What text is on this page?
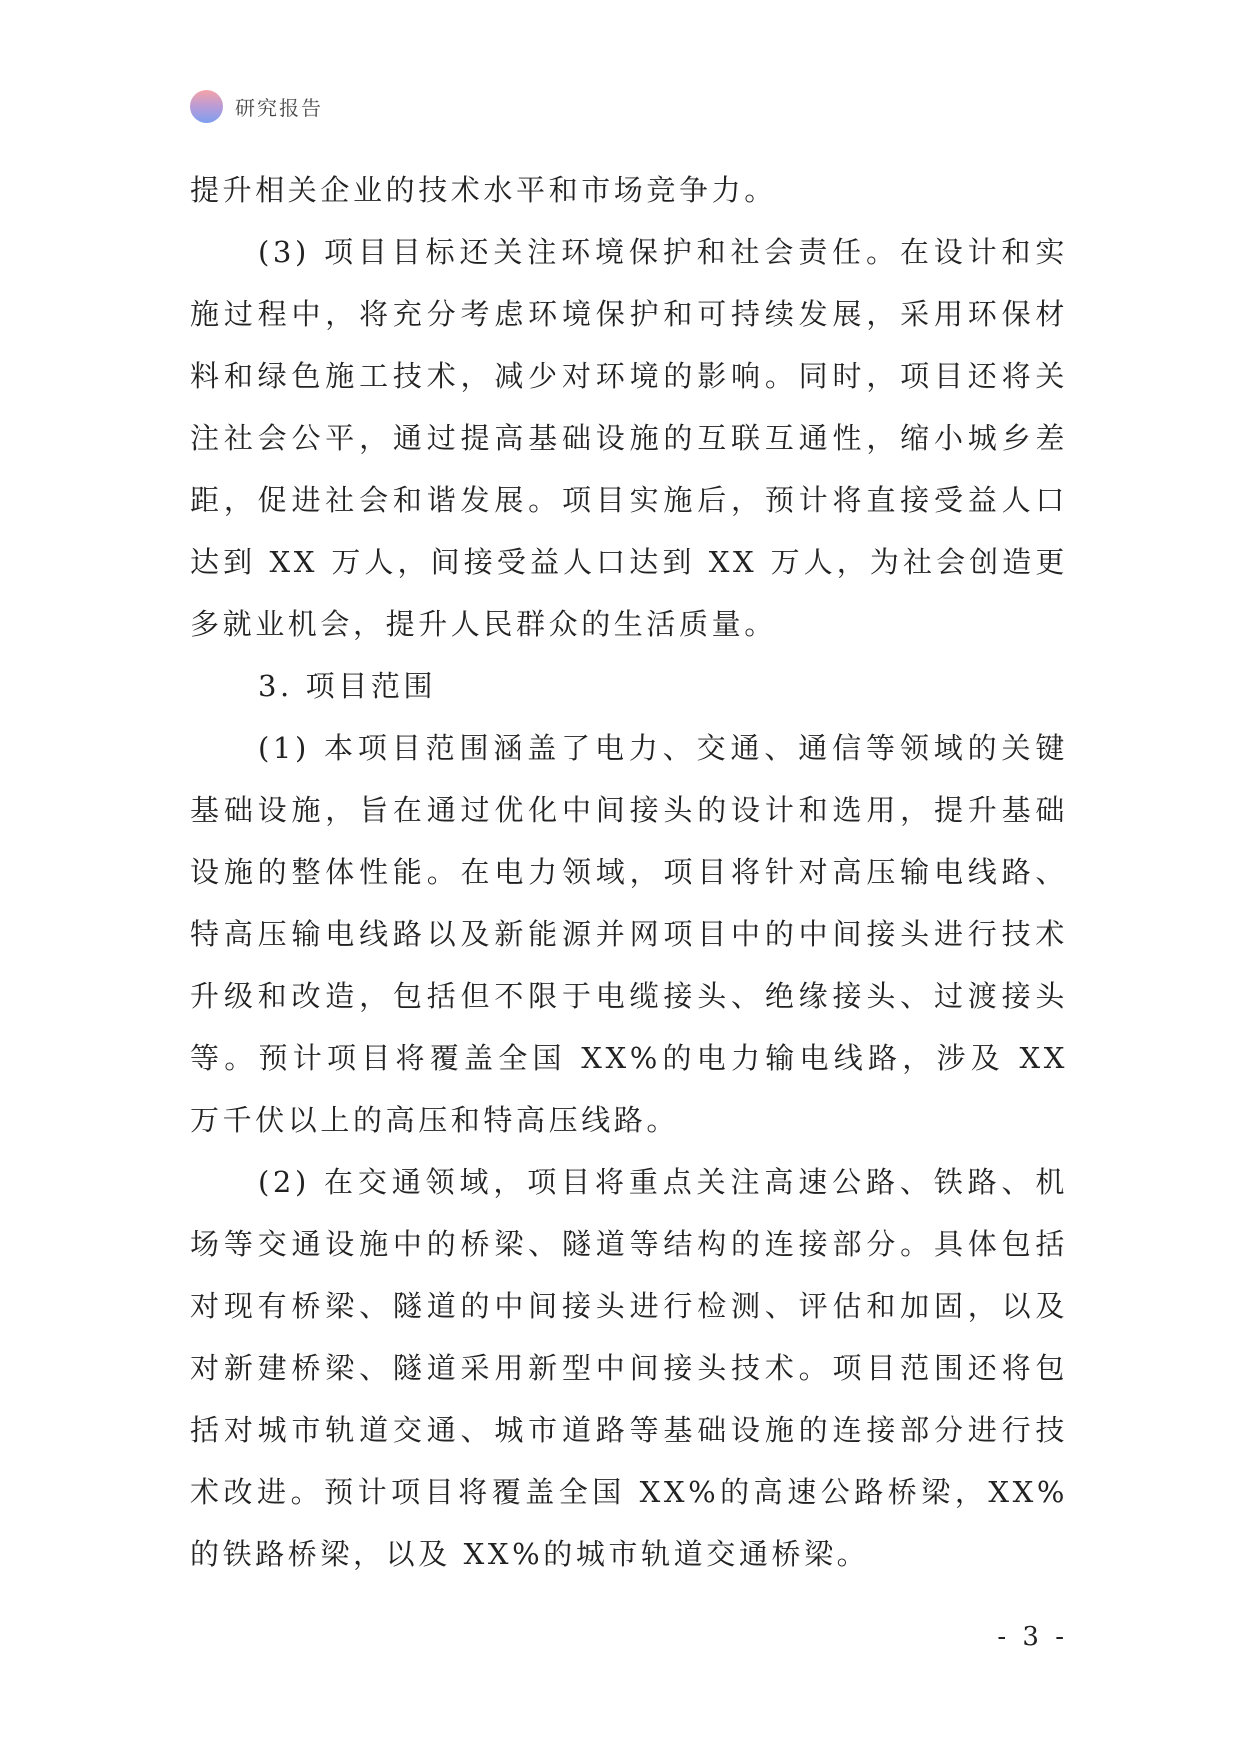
研究报告

提升相关企业的技术水平和市场竞争力。

(3) 项目目标还关注环境保护和社会责任。在设计和实施过程中，将充分考虑环境保护和可持续发展，采用环保材料和绿色施工技术，减少对环境的影响。同时，项目还将关注社会公平，通过提高基础设施的互联互通性，缩小城乡差距，促进社会和谐发展。项目实施后，预计将直接受益人口达到 XX 万人，间接受益人口达到 XX 万人，为社会创造更多就业机会，提升人民群众的生活质量。

3. 项目范围

(1) 本项目范围涵盖了电力、交通、通信等领域的关键基础设施，旨在通过优化中间接头的设计和选用，提升基础设施的整体性能。在电力领域，项目将针对高压输电线路、特高压输电线路以及新能源并网项目中的中间接头进行技术升级和改造，包括但不限于电缆接头、绝缘接头、过渡接头等。预计项目将覆盖全国 XX%的电力输电线路，涉及 XX 万千伏以上的高压和特高压线路。

(2) 在交通领域，项目将重点关注高速公路、铁路、机场等交通设施中的桥梁、隧道等结构的连接部分。具体包括对现有桥梁、隧道的中间接头进行检测、评估和加固，以及对新建桥梁、隧道采用新型中间接头技术。项目范围还将包括对城市轨道交通、城市道路等基础设施的连接部分进行技术改进。预计项目将覆盖全国 XX%的高速公路桥梁，XX%的铁路桥梁，以及 XX%的城市轨道交通桥梁。

- 3 -
